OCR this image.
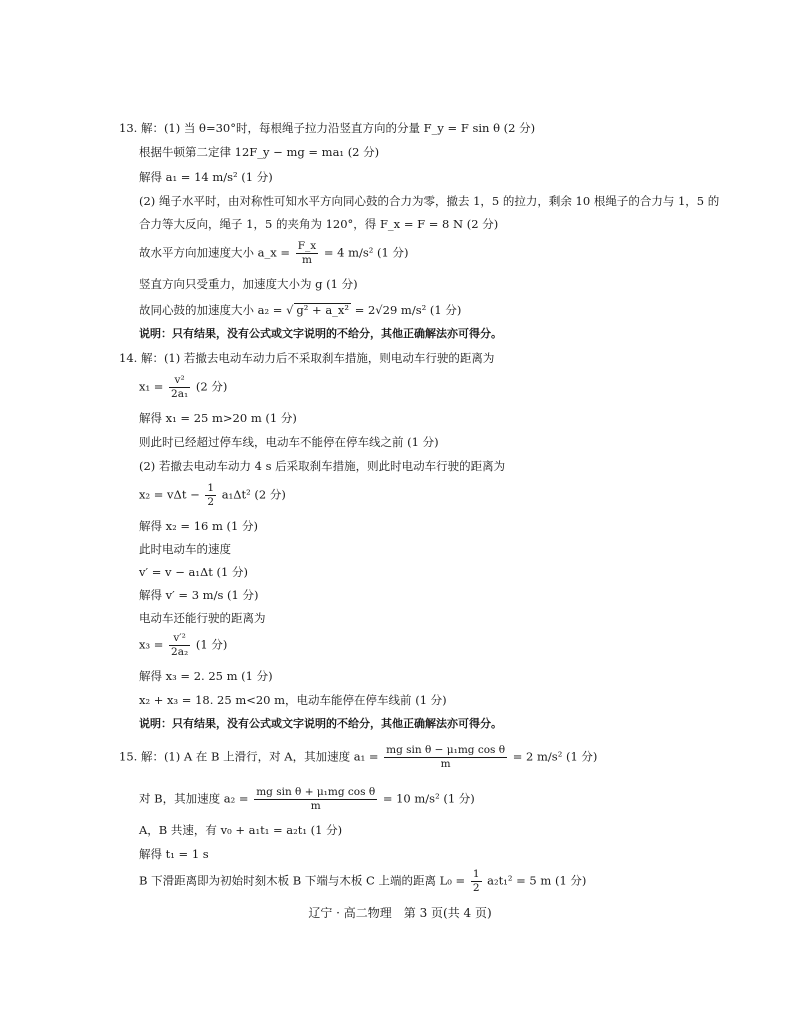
13. 解：(1) 当 θ=30°时，每根绳子拉力沿竖直方向的分量 F_y = F sin θ (2 分)
根据牛顿第二定律 12F_y − mg = ma₁ (2 分)
解得 a₁ = 14 m/s² (1 分)
(2) 绳子水平时，由对称性可知水平方向同心鼓的合力为零，撤去 1，5 的拉力，剩余 10 根绳子的合力与 1，5 的
合力等大反向，绳子 1，5 的夹角为 120°，得 F_x = F = 8 N (2 分)
故水平方向加速度大小 a_x = $\frac{F\_x}{m} = 4$ m/s² (1 分)
竖直方向只受重力，加速度大小为 g (1 分)
故同心鼓的加速度大小 a₂ = √ g² + a_x² = 2√29 m/s² (1 分)
说明：只有结果，没有公式或文字说明的不给分，其他正确解法亦可得分。
14. 解：(1) 若撤去电动车动力后不采取刹车措施，则电动车行驶的距离为
$x_1 = \frac{\text{v²}}{\text{2a₁}} (2$ 分)
解得 x₁ = 25 m>20 m (1 分)
则此时已经超过停车线，电动车不能停在停车线之前 (1 分)
(2) 若撤去电动车动力 4 s 后采取刹车措施，则此时电动车行驶的距离为
$x_2 = v\Delta t - \frac{1}{2} a_1\Delta t^2$ (2 分)
解得 x₂ = 16 m (1 分)
此时电动车的速度
v′ = v − a₁Δt (1 分)
解得 v′ = 3 m/s (1 分)
电动车还能行驶的距离为
$x_3 = \frac{\text{v′²}}{\text{2a₂}} (1$ 分)
解得 x₃ = 2. 25 m (1 分)
x₂ + x₃ = 18. 25 m<20 m，电动车能停在停车线前 (1 分)
说明：只有结果，没有公式或文字说明的不给分，其他正确解法亦可得分。
15. 解：(1) A 在 B 上滑行，对 A，其加速度 $a_1 = \frac{\text{mg sin θ − μ₁mg cos θ}}{m} = 2$ m/s² (1 分)
对 B，其加速度 $a_2 = \frac{\text{mg sin θ + μ₁mg cos θ}}{m} = 10$ m/s² (1 分)
A，B 共速，有 v₀ + a₁t₁ = a₂t₁ (1 分)
解得 t₁ = 1 s
B 下滑距离即为初始时刻木板 B 下端与木板 C 上端的距离 $L_0 = \frac{1}{2} a_2t_1^2 = 5$ m (1 分)
辽宁 · 高二物理　第 3 页(共 4 页)
